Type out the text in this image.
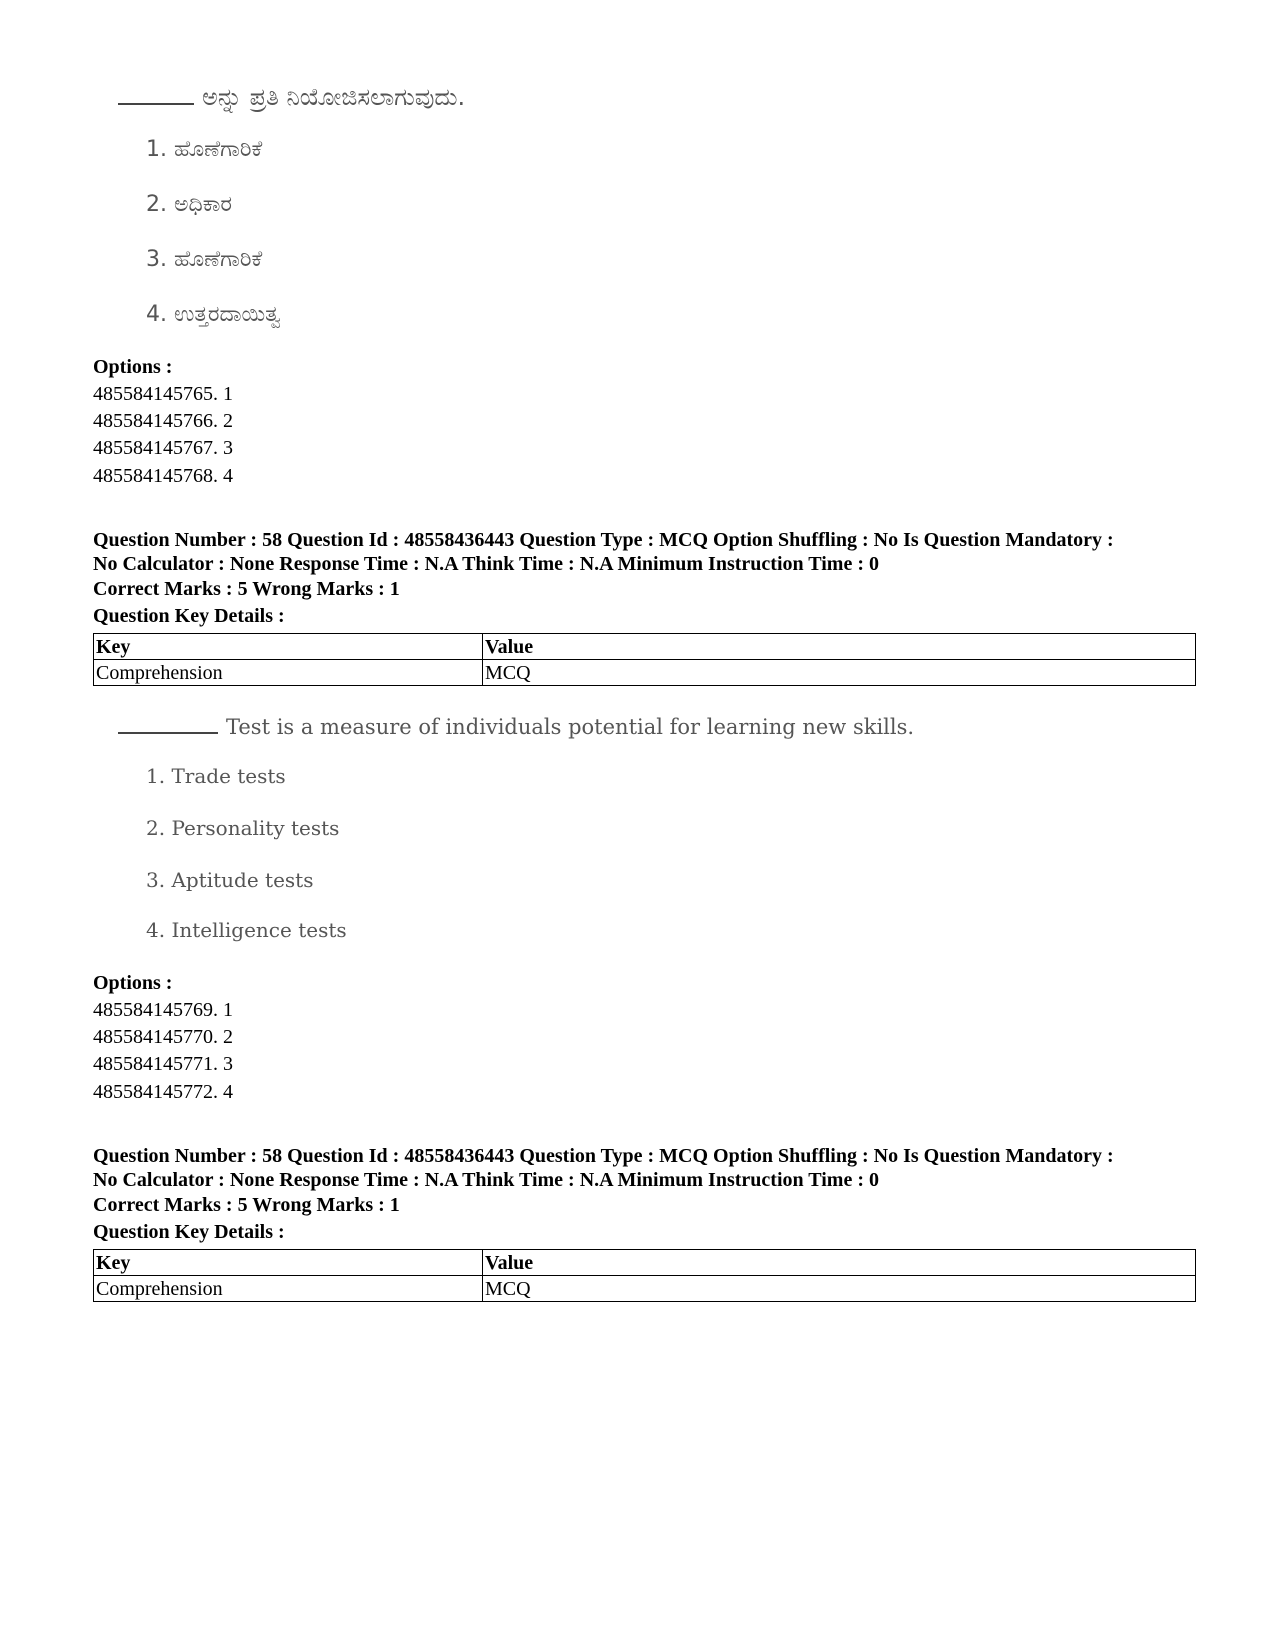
ಅನ್ನು ಪ್ರತಿ ನಿಯೋಜಿಸಲಾಗುವುದು.
1. ಹೊಣೆಗಾರಿಕೆ
2. ಅಧಿಕಾರ
3. ಹೊಣೆಗಾರಿಕೆ
4. ಉತ್ತರದಾಯಿತ್ವ
Options :
485584145765. 1
485584145766. 2
485584145767. 3
485584145768. 4
Question Number : 58 Question Id : 48558436443 Question Type : MCQ Option Shuffling : No Is Question Mandatory :
No Calculator : None Response Time : N.A Think Time : N.A Minimum Instruction Time : 0
Correct Marks : 5 Wrong Marks : 1
Question Key Details :
Key	Value
Comprehension	MCQ
Test is a measure of individuals potential for learning new skills.
1. Trade tests
2. Personality tests
3. Aptitude tests
4. Intelligence tests
Options :
485584145769. 1
485584145770. 2
485584145771. 3
485584145772. 4
Question Number : 58 Question Id : 48558436443 Question Type : MCQ Option Shuffling : No Is Question Mandatory :
No Calculator : None Response Time : N.A Think Time : N.A Minimum Instruction Time : 0
Correct Marks : 5 Wrong Marks : 1
Question Key Details :
Key	Value
Comprehension	MCQ
